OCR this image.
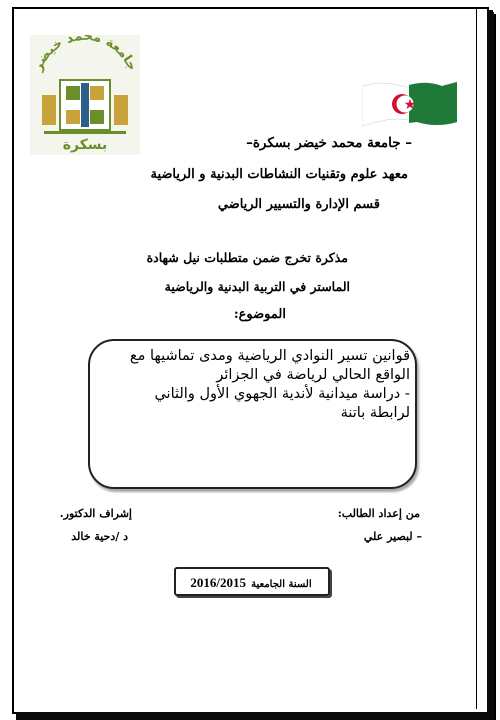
جامعة محمد خيضر
بسكرة	– جامعة محمد خيضر بسكرة–
معهد علوم وتقنيات النشاطات البدنية و الرياضية
قسم الإدارة والتسيير الرياضي
مذكرة تخرج ضمن متطلبات نيل شهادة
الماستر في التربية البدنية والرياضية
الموضوع:
قوانين تسير النوادي الرياضية ومدى تماشيها مع
الواقع الحالي لرياضة في الجزائر
- دراسة ميدانية لأندية الجهوي الأول والثاني
لرابطة باتنة
من إعداد الطالب:
– لبصير علي
إشراف الدكتور.
د /دحية خالد
السنة الجامعية 2016/2015
